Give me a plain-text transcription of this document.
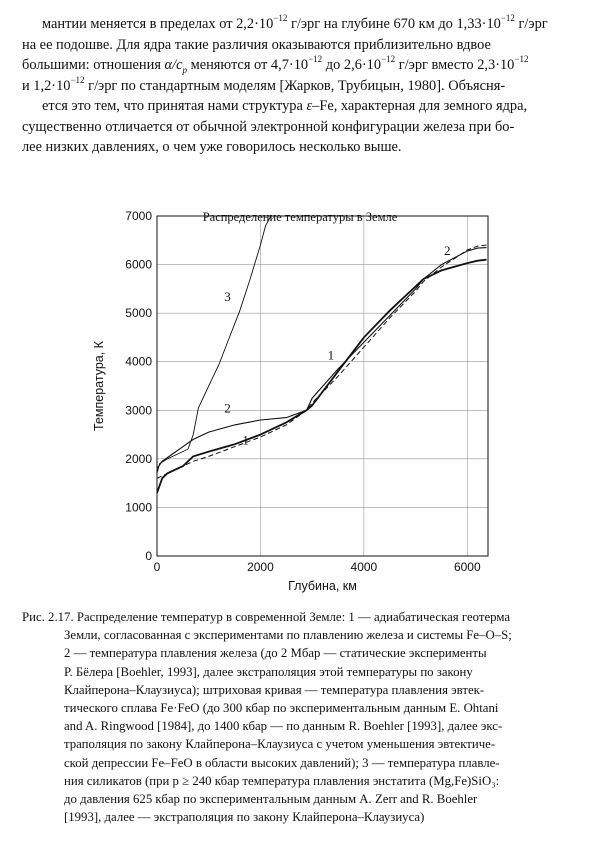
мантии меняется в пределах от $2,2\cdot 10^{-12}$ г/эрг на глубине 670 км до $1,33\cdot 10^{-12}$ г/эрг

на ее подошве. Для ядра такие различия оказываются приблизительно вдвое

большими: отношения $\alpha/c_p$ меняются от $4,7\cdot 10^{-12}$ до $2,6\cdot 10^{-12}$ г/эрг вместо $2,3\cdot 10^{-12}$

и $1,2\cdot 10^{-12}$ г/эрг по стандартным моделям [Жарков, Трубицын, 1980]. Объясня-

ется это тем, что принятая нами структура ε–Fe, характерная для земного ядра,

существенно отличается от обычной электронной конфигурации железа при бо-

лее низких давлениях, о чем уже говорилось несколько выше.

Распределение температуры в Земле
0
1000
2000
3000
4000
5000
6000
7000
0	2000	4000	6000
Глубина, км
Температура, К	1
1
2
2
3
Рис. 2.17. Распределение температур в современной Земле: 1 — адиабатическая геотерма
Земли, согласованная с экспериментами по плавлению железа и системы Fe–O–S;
2 — температура плавления железа (до 2 Мбар — статические эксперименты
Р. Бёлера [Boehler, 1993], далее экстраполяция этой температуры по закону
Клайперона–Клаузиуса); штриховая кривая — температура плавления эвтек-
тического сплава Fe·FeO (до 300 кбар по экспериментальным данным E. Ohtani
and A. Ringwood [1984], до 1400 кбар — по данным R. Boehler [1993], далее экс-
траполяция по закону Клайперона–Клаузиуса с учетом уменьшения эвтектиче-
ской депрессии Fe–FeO в области высоких давлений); 3 — температура плавле-
ния силикатов (при p ≥ 240 кбар температура плавления энстатита (Mg,Fe)SiO₃:
до давления 625 кбар по экспериментальным данным A. Zerr and R. Boehler
[1993], далее — экстраполяция по закону Клайперона–Клаузиуса)
